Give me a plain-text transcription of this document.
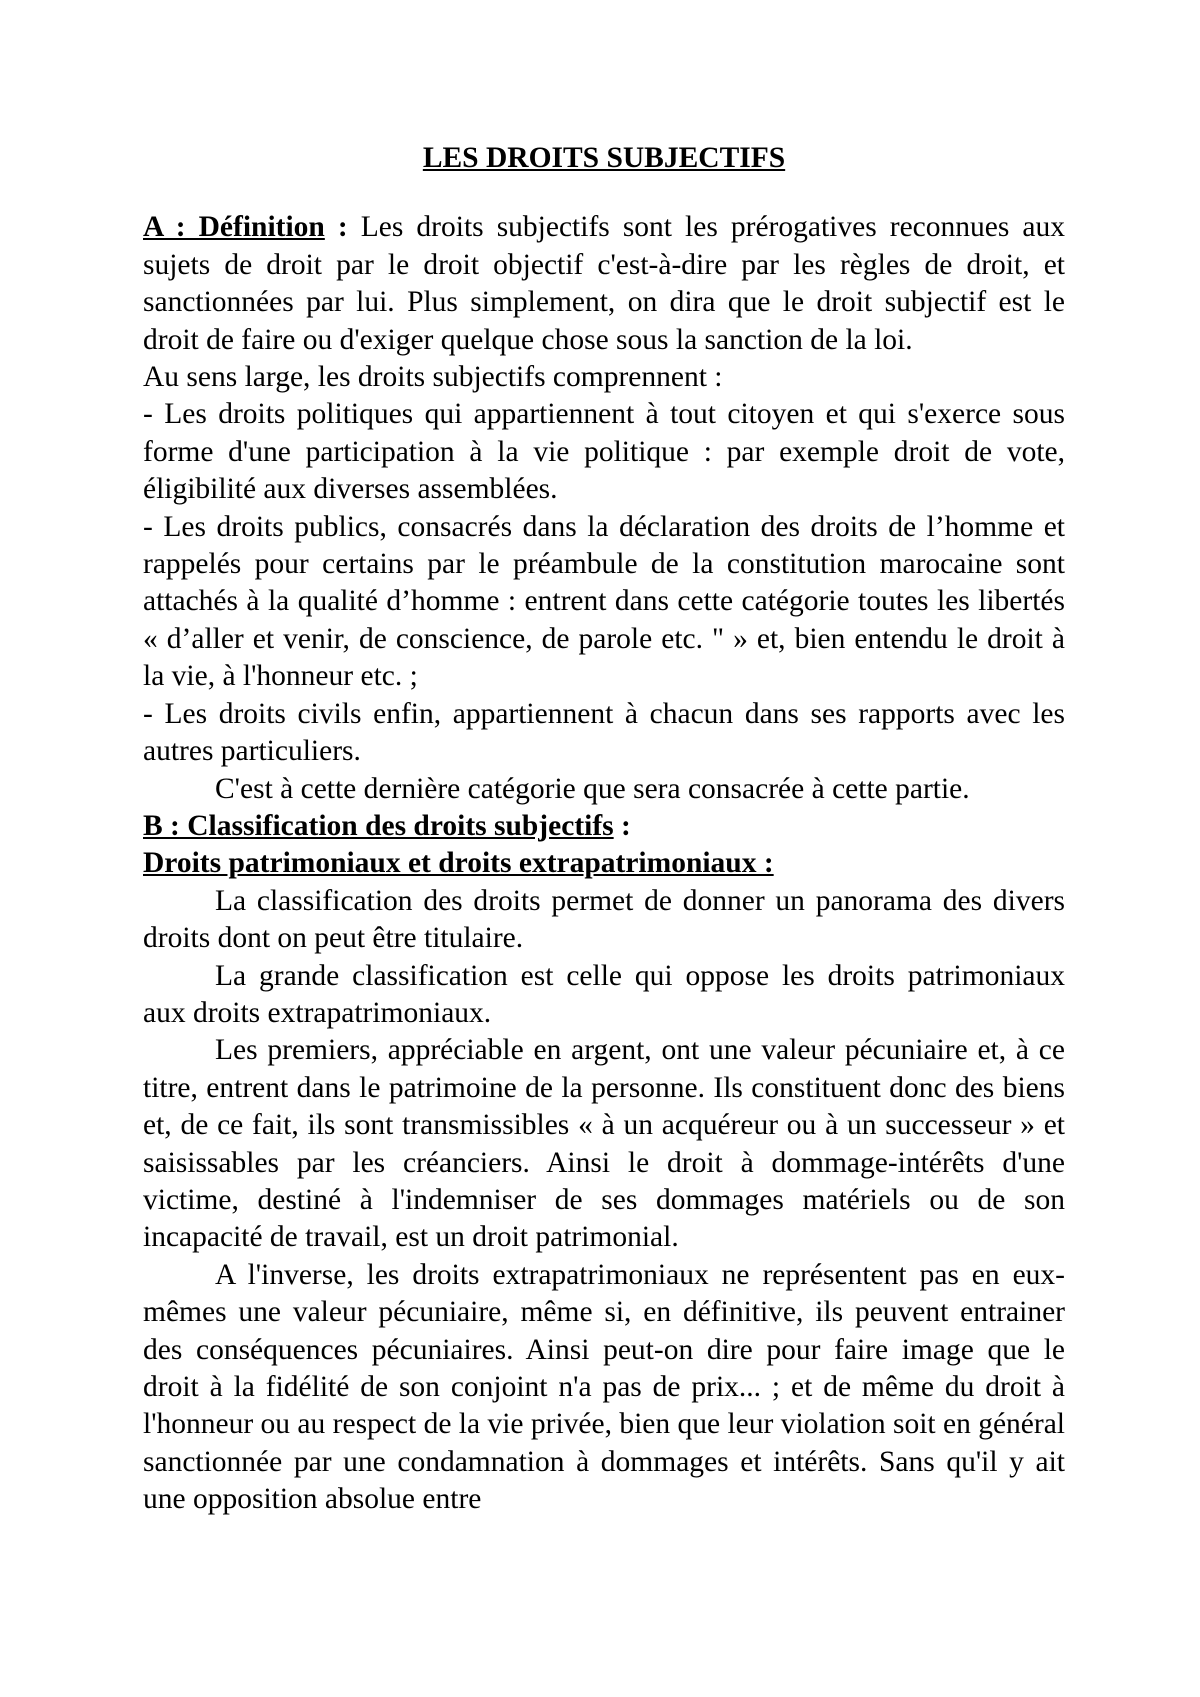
LES DROITS SUBJECTIFS

A : Définition : Les droits subjectifs sont les prérogatives reconnues aux sujets de droit par le droit objectif c'est-à-dire par les règles de droit, et sanctionnées par lui. Plus simplement, on dira que le droit subjectif est le droit de faire ou d'exiger quelque chose sous la sanction de la loi.

Au sens large, les droits subjectifs comprennent :

- Les droits politiques qui appartiennent à tout citoyen et qui s'exerce sous forme d'une participation à la vie politique : par exemple droit de vote, éligibilité aux diverses assemblées.

- Les droits publics, consacrés dans la déclaration des droits de l’homme et rappelés pour certains par le préambule de la constitution marocaine sont attachés à la qualité d’homme : entrent dans cette catégorie toutes les libertés « d’aller et venir, de conscience, de parole etc. " » et, bien entendu le droit à la vie, à l'honneur etc. ;

- Les droits civils enfin, appartiennent à chacun dans ses rapports avec les autres particuliers.

C'est à cette dernière catégorie que sera consacrée à cette partie.

B : Classification des droits subjectifs :

Droits patrimoniaux et droits extrapatrimoniaux :

La classification des droits permet de donner un panorama des divers droits dont on peut être titulaire.

La grande classification est celle qui oppose les droits patrimoniaux aux droits extrapatrimoniaux.

Les premiers, appréciable en argent, ont une valeur pécuniaire et, à ce titre, entrent dans le patrimoine de la personne. Ils constituent donc des biens et, de ce fait, ils sont transmissibles « à un acquéreur ou à un successeur » et saisissables par les créanciers. Ainsi le droit à dommage-intérêts d'une victime, destiné à l'indemniser de ses dommages matériels ou de son incapacité de travail, est un droit patrimonial.

A l'inverse, les droits extrapatrimoniaux ne représentent pas en eux-mêmes une valeur pécuniaire, même si, en définitive, ils peuvent entrainer des conséquences pécuniaires. Ainsi peut-on dire pour faire image que le droit à la fidélité de son conjoint n'a pas de prix... ; et de même du droit à l'honneur ou au respect de la vie privée, bien que leur violation soit en général sanctionnée par une condamnation à dommages et intérêts. Sans qu'il y ait une opposition absolue entre
